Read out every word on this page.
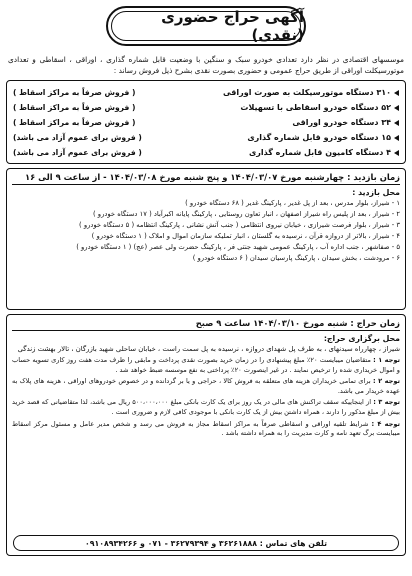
آگهی حراج حضوری (نقدی)

موسسهای اقتصادی در نظر دارد تعدادی خودرو سبک و سنگین با وضعیت قابل شماره گذاری ، اوراقی ، اسقاطی و تعدادی موتورسیکلت اوراقی از طریق حراج عمومی و حضوری بصورت نقدی بشرح ذیل فروش رساند :

۳۱۰ دستگاه موتورسیکلت به صورت اوراقی
( فروش صرفاً به مراکز اسقاط )
۵۲ دستگاه خودرو اسقاطی با تسهیلات
( فروش صرفاً به مراکز اسقاط )
۳۴ دستگاه خودرو اوراقی
( فروش صرفاً به مراکز اسقاط )
۱۵ دستگاه خودرو قابل شماره گذاری
( فروش برای عموم آزاد می باشد)
۴ دستگاه کامیون قابل شماره گذاری
( فروش برای عموم آزاد می باشد)
زمان بازدید : چهارشنبه مورخ ۱۴۰۴/۰۳/۰۷ و پنج شنبه مورخ ۱۴۰۴/۰۳/۰۸ - از ساعت ۹ الی ۱۶
محل بازدید :
۱ - شیراز، بلوار مدرس ، بعد از پل غدیر ، پارکینگ غدیر ( ۶۸ دستگاه خودرو )
۲ - شیراز ، بعد از پلیس راه شیراز اصفهان ، انبار تعاون روستایی ، پارکینگ پایانه اکبرآباد ( ۱۷ دستگاه خودرو )
۳ - شیراز ، بلوار فرصت شیرازی ، خیابان نیروی انتظامی ( جنب آتش نشانی ، پارکینگ انتظامه ( ۵ دستگاه خودرو )
۴ - شیراز ، بالاتر از دروازه قرآن ، نرسیده به گلستان ، انبار تملیکه سازمان اموال و املاک ( ۱ دستگاه خودرو )
۵ - صفاشهر ، جنب اداره آب ، پارکینگ عمومی شهید جنتی فر ، پارکینگ حضرت ولی عصر (عج) ( ۱ دستگاه خودرو )
۶ - مرودشت ، بخش سیدان ، پارکینگ پارسیان سیدان ( ۶ دستگاه خودرو )
زمان حراج : شنبه مورخ ۱۴۰۴/۰۳/۱۰ ساعت ۹ صبح
محل برگزاری حراج:
شیراز ، چهارراه سیدنهای ، به طرف پل شهدای دروازه ، نرسیده به پل سمت راست ، خیابان ساحلی شهید بازرگان ، تالار بهشت زندگی

توجه ۱ : متقاضیان میبایست ۲۰٪ مبلغ پیشنهادی را در زمان خرید بصورت نقدی پرداخت و مابقی را ظرف مدت هفت روز کاری تسویه حساب و اموال خریداری شده را ترخیص نمایند . در غیر اینصورت ۲۰٪ پرداختی به نفع موسسه ضبط خواهد شد .

توجه ۲ : برای تمامی خریداران هزینه های متعلقه به فروش کالا ، حراجی و یا بر گردانده و در خصوص خودروهای اوراقی ، هزینه های پلاک به عهده خریدار می باشد.

توجه ۳ : از اینجاییکه سقف تراکنش های مالی در یک روز برای یک کارت بانکی مبلغ ۵۰۰،۰۰۰،۰۰۰ ریال می باشد، لذا متقاضیانی که قصد خرید بیش از مبلغ مذکور را دارند ، همراه داشتن بیش از یک کارت بانکی با موجودی کافی لازم و ضروری است .

توجه ۴ : شرایط تلقیه اوراقی و اسقاطی صرفاً به مراکز اسقاط مجاز به فروش می رسد و شخص مدیر عامل و مسئول مرکز اسقاط میبایست برگ تعهد نامه و کارت مدیریت را به همراه داشته باشد .

تلفن های تماس : ۳۶۲۶۱۸۸۸ و ۳۶۲۷۹۳۹۴ - ۰۷۱ و ۰۹۱۰۸۹۳۴۲۶۶
